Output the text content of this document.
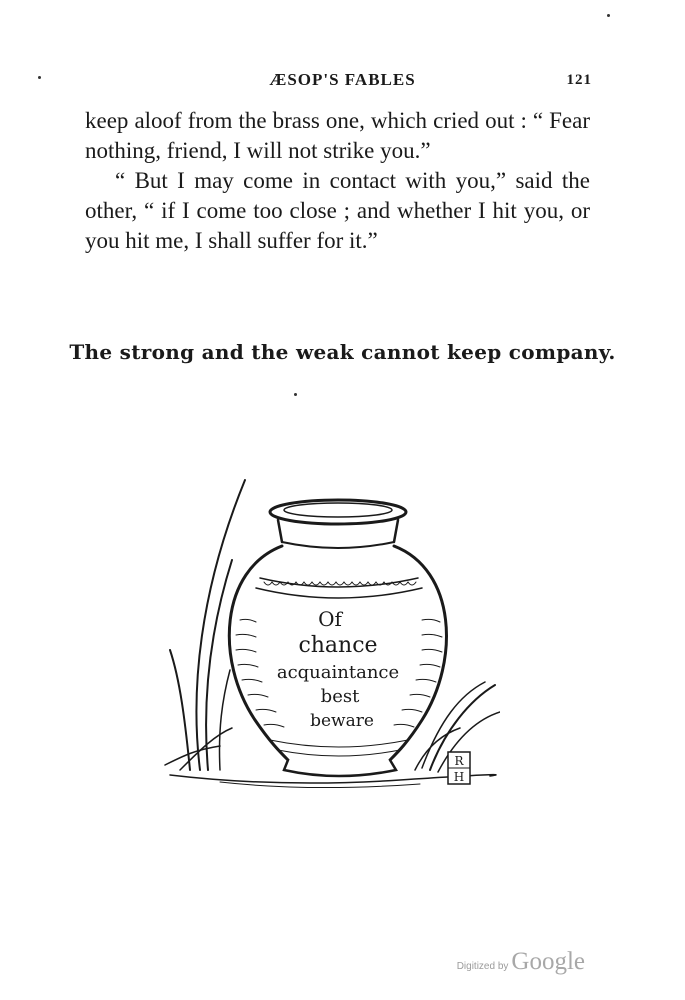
ÆSOP'S FABLES	121

keep aloof from the brass one, which cried out : “ Fear nothing, friend, I will not strike you.”

“ But I may come in contact with you,” said the other, “ if I come too close ; and whether I hit you, or you hit me, I shall suffer for it.”

The strong and the weak cannot keep company.
Of
chance
acquaintance
best
beware
R
H
Digitized by Google
